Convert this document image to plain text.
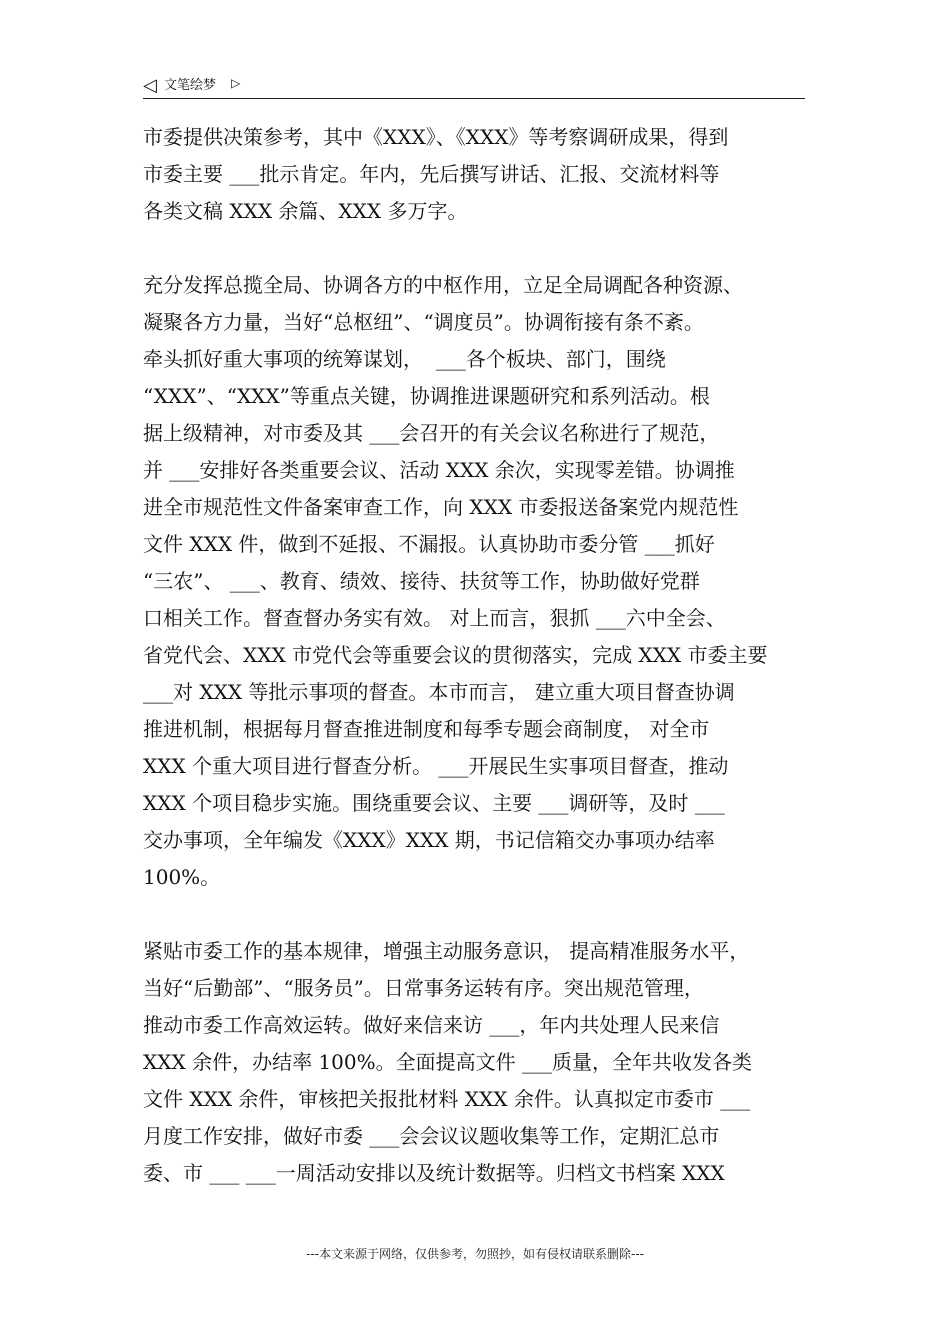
◁ 文笔绘梦 ▷
市委提供决策参考，其中《XXX》、《XXX》等考察调研成果，得到
市委主要 ___批示肯定。年内，先后撰写讲话、汇报、交流材料等
各类文稿 XXX 余篇、XXX 多万字。
充分发挥总揽全局、协调各方的中枢作用，立足全局调配各种资源、
凝聚各方力量，当好“总枢纽”、“调度员”。协调衔接有条不紊。
牵头抓好重大事项的统筹谋划，  ___各个板块、部门，围绕
“XXX”、“XXX”等重点关键，协调推进课题研究和系列活动。根
据上级精神，对市委及其 ___会召开的有关会议名称进行了规范，
并 ___安排好各类重要会议、活动 XXX 余次，实现零差错。协调推
进全市规范性文件备案审查工作，向 XXX 市委报送备案党内规范性
文件 XXX 件，做到不延报、不漏报。认真协助市委分管 ___抓好
“三农”、 ___、教育、绩效、接待、扶贫等工作，协助做好党群
口相关工作。督查督办务实有效。 对上而言，狠抓 ___六中全会、
省党代会、XXX 市党代会等重要会议的贯彻落实，完成 XXX 市委主要
___对 XXX 等批示事项的督查。本市而言， 建立重大项目督查协调
推进机制，根据每月督查推进制度和每季专题会商制度， 对全市
XXX 个重大项目进行督查分析。 ___开展民生实事项目督查，推动
XXX 个项目稳步实施。围绕重要会议、主要 ___调研等，及时 ___
交办事项，全年编发《XXX》XXX 期，书记信箱交办事项办结率
100%。
紧贴市委工作的基本规律，增强主动服务意识， 提高精准服务水平，
当好“后勤部”、“服务员”。日常事务运转有序。突出规范管理，
推动市委工作高效运转。做好来信来访 ___，年内共处理人民来信
XXX 余件，办结率 100%。全面提高文件 ___质量，全年共收发各类
文件 XXX 余件，审核把关报批材料 XXX 余件。认真拟定市委市 ___
月度工作安排，做好市委 ___会会议议题收集等工作，定期汇总市
委、市 ___ ___一周活动安排以及统计数据等。归档文书档案 XXX
---本文来源于网络，仅供参考，勿照抄，如有侵权请联系删除---
